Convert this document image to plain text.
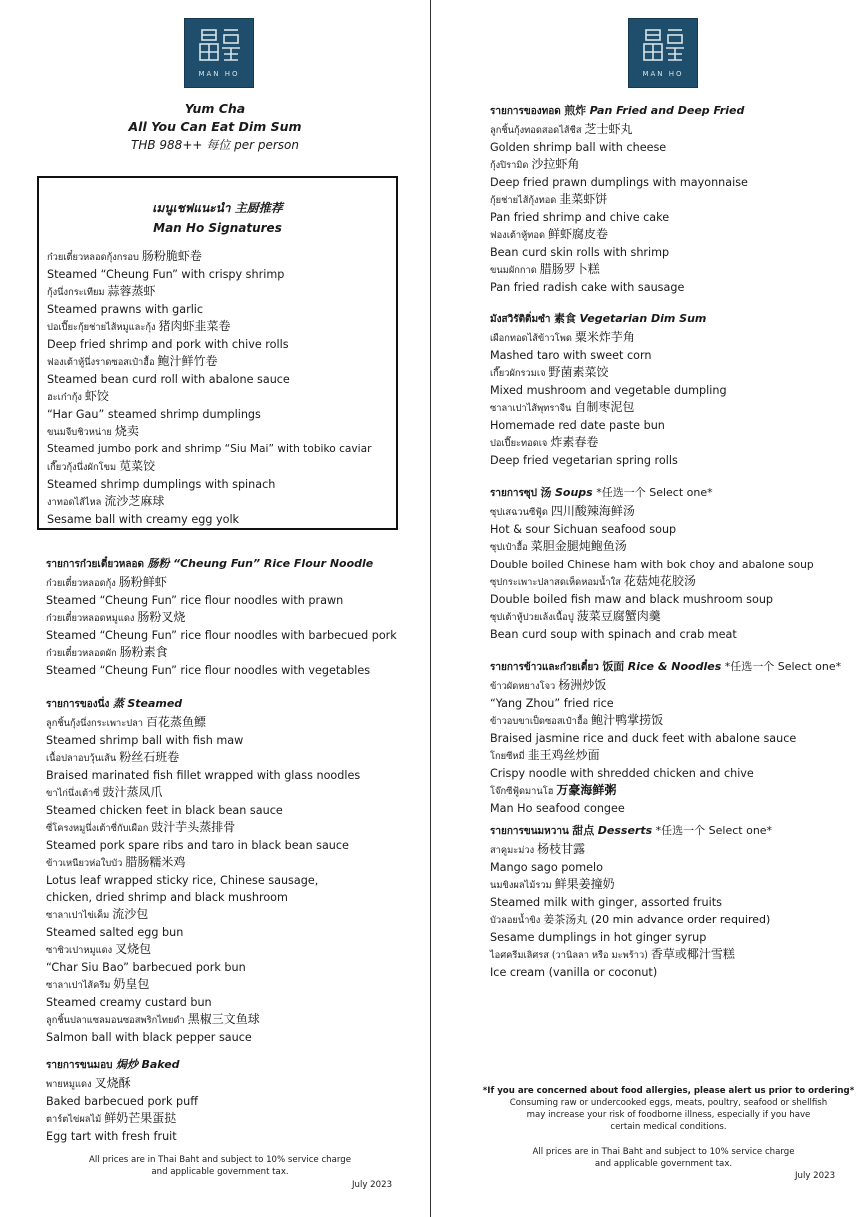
MAN HO
Yum Cha
All You Can Eat Dim Sum
THB 988++ 每位 per person
เมนูเชฟแนะนำ 主厨推荐
Man Ho Signatures
ก๋วยเตี๋ยวหลอดกุ้งกรอบ 肠粉脆虾卷
Steamed “Cheung Fun” with crispy shrimp
กุ้งนึ่งกระเทียม 蒜蓉蒸虾
Steamed prawns with garlic
ปอเปี๊ยะกุ้ยช่ายไส้หมูและกุ้ง 猪肉虾韭菜卷
Deep fried shrimp and pork with chive rolls
ฟองเต้าหู้นึ่งราดซอสเป๋าฮื้อ 鲍汁鲜竹卷
Steamed bean curd roll with abalone sauce
ฮะเก๋ากุ้ง 虾饺
“Har Gau” steamed shrimp dumplings
ขนมจีบชิวหน่าย 烧卖
Steamed jumbo pork and shrimp “Siu Mai” with tobiko caviar
เกี๊ยวกุ้งนึ่งผักโขม 苋菜饺
Steamed shrimp dumplings with spinach
งาทอดไส้ไหล 流沙芝麻球
Sesame ball with creamy egg yolk
รายการก๋วยเตี๋ยวหลอด 肠粉 “Cheung Fun” Rice Flour Noodle
ก๋วยเตี๋ยวหลอดกุ้ง 肠粉鲜虾
Steamed “Cheung Fun” rice flour noodles with prawn
ก๋วยเตี๋ยวหลอดหมูแดง 肠粉叉烧
Steamed “Cheung Fun” rice flour noodles with barbecued pork
ก๋วยเตี๋ยวหลอดผัก 肠粉素食
Steamed “Cheung Fun” rice flour noodles with vegetables
รายการของนึ่ง 蒸 Steamed
ลูกชิ้นกุ้งนึ่งกระเพาะปลา 百花蒸鱼鳔
Steamed shrimp ball with fish maw
เนื้อปลาอบวุ้นเส้น 粉丝石班卷
Braised marinated fish fillet wrapped with glass noodles
ขาไก่นึ่งเต้าซี่ 豉汁蒸凤爪
Steamed chicken feet in black bean sauce
ซี่โครงหมูนึ่งเต้าซี่กับเผือก 豉汁芋头蒸排骨
Steamed pork spare ribs and taro in black bean sauce
ข้าวเหนียวห่อใบบัว 腊肠糯米鸡
Lotus leaf wrapped sticky rice, Chinese sausage, chicken, dried shrimp and black mushroom
ซาลาเปาไข่เค็ม 流沙包
Steamed salted egg bun
ซาซิวเปาหมูแดง 叉烧包
“Char Siu Bao” barbecued pork bun
ซาลาเปาไส้ครีม 奶皇包
Steamed creamy custard bun
ลูกชิ้นปลาแซลมอนซอสพริกไทยดำ 黑椒三文鱼球
Salmon ball with black pepper sauce
รายการขนมอบ 焗炒 Baked
พายหมูแดง 叉烧酥
Baked barbecued pork puff
ตาร์ตไข่ผลไม้ 鲜奶芒果蛋挞
Egg tart with fresh fruit
All prices are in Thai Baht and subject to 10% service charge
and applicable government tax.
July 2023
MAN HO
รายการของทอด 煎炸 Pan Fried and Deep Fried
ลูกชิ้นกุ้งทอดสอดไส้ชีส 芝士虾丸
Golden shrimp ball with cheese
กุ้งปิรามิด 沙拉虾角
Deep fried prawn dumplings with mayonnaise
กุ้ยช่ายไส้กุ้งทอด 韭菜虾饼
Pan fried shrimp and chive cake
ฟองเต้าหู้ทอด 鲜虾腐皮卷
Bean curd skin rolls with shrimp
ขนมผักกาด 腊肠罗卜糕
Pan fried radish cake with sausage
มังสวิรัติติ่มซำ 素食 Vegetarian Dim Sum
เผือกทอดไส้ข้าวโพด 粟米炸芋角
Mashed taro with sweet corn
เกี๊ยวผักรวมเจ 野菌素菜饺
Mixed mushroom and vegetable dumpling
ซาลาเปาไส้พุทราจีน 自制枣泥包
Homemade red date paste bun
ปอเปี๊ยะทอดเจ 炸素春卷
Deep fried vegetarian spring rolls
รายการซุป 汤 Soups *任选一个 Select one*
ซุปเสฉวนซีฟู้ด 四川酸辣海鲜汤
Hot & sour Sichuan seafood soup
ซุปเป๋าฮื้อ 菜胆金腿炖鲍鱼汤
Double boiled Chinese ham with bok choy and abalone soup
ซุปกระเพาะปลาสดเห็ดหอมน้ำใส 花菇炖花胶汤
Double boiled fish maw and black mushroom soup
ซุปเต้าหู้ปวยเล้งเนื้อปู 菠菜豆腐蟹肉羹
Bean curd soup with spinach and crab meat
รายการข้าวและก๋วยเตี๋ยว 饭面 Rice & Noodles *任选一个 Select one*
ข้าวผัดหยางโจว 杨洲炒饭
“Yang Zhou” fried rice
ข้าวอบขาเป็ดซอสเป๋าฮื้อ 鲍汁鸭掌捞饭
Braised jasmine rice and duck feet with abalone sauce
โกยซีหมี่ 韭王鸡丝炒面
Crispy noodle with shredded chicken and chive
โจ๊กซีฟู้ดมานโฮ 万豪海鲜粥
Man Ho seafood congee
รายการขนมหวาน 甜点 Desserts *任选一个 Select one*
สาคูมะม่วง 杨枝甘露
Mango sago pomelo
นมขิงผลไม้รวม 鲜果姜撞奶
Steamed milk with ginger, assorted fruits
บัวลอยน้ำขิง 姜茶汤丸 (20 min advance order required)
Sesame dumplings in hot ginger syrup
ไอศครีมเลิศรส (วานิลลา หรือ มะพร้าว) 香草或椰汁雪糕
Ice cream (vanilla or coconut)
*If you are concerned about food allergies, please alert us prior to ordering*
Consuming raw or undercooked eggs, meats, poultry, seafood or shellfish
may increase your risk of foodborne illness, especially if you have
certain medical conditions.
All prices are in Thai Baht and subject to 10% service charge
and applicable government tax.
July 2023
